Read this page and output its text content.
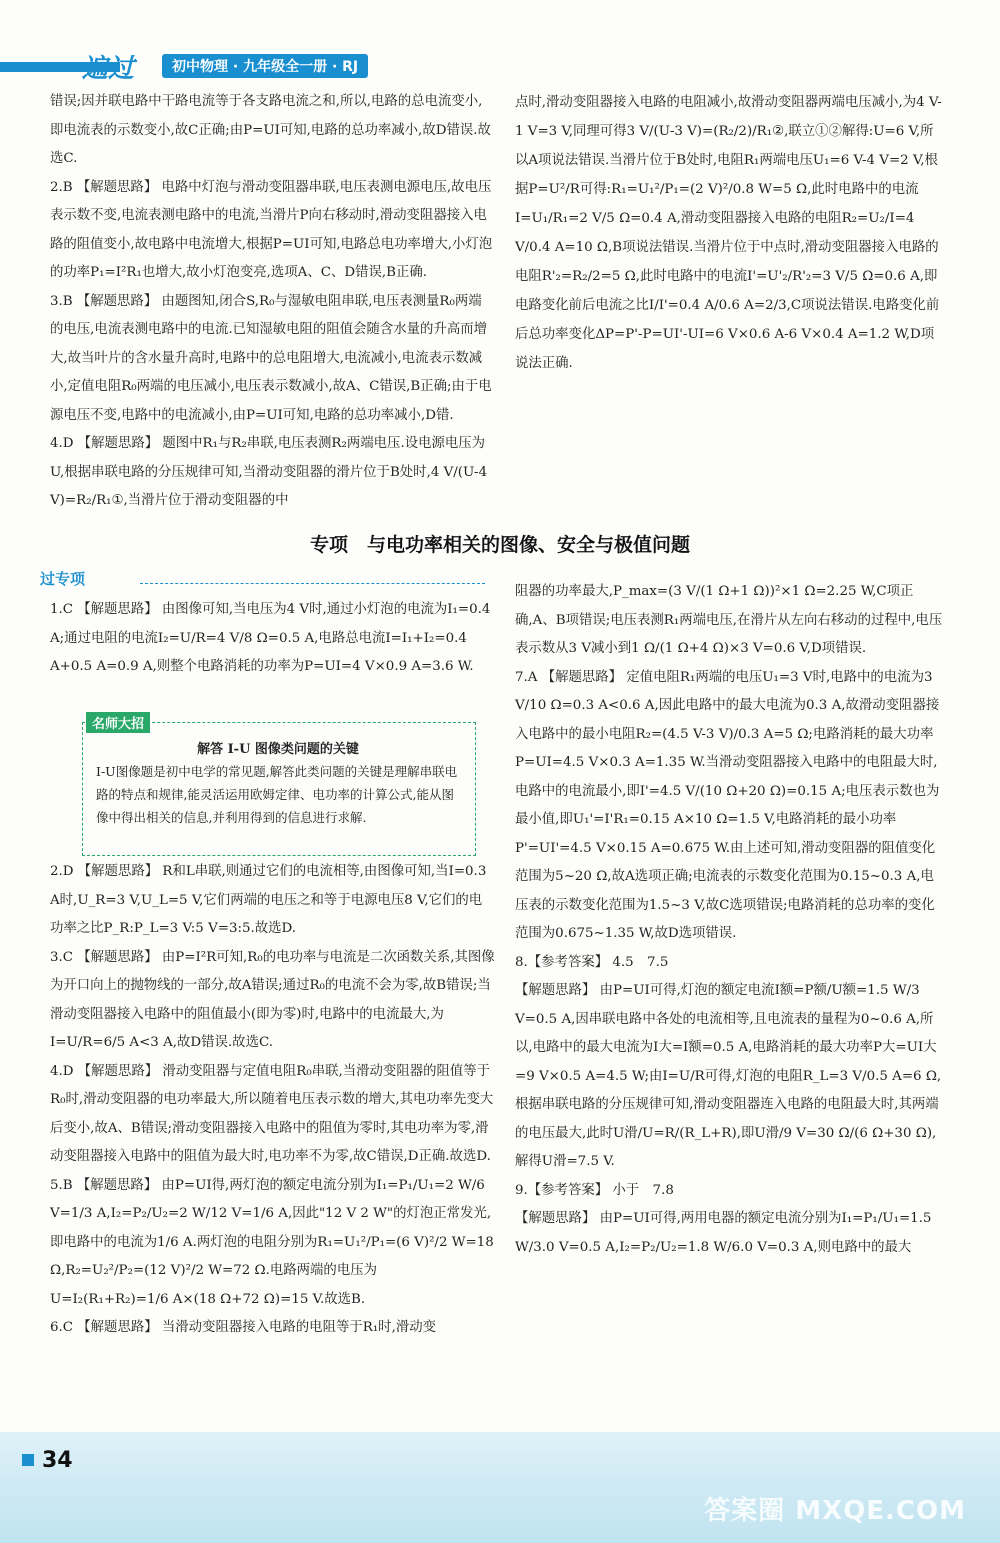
一遍过	初中物理 · 九年级全一册 · RJ

错误;因并联电路中干路电流等于各支路电流之和,所以,电路的总电流变小,即电流表的示数变小,故C正确;由P=UI可知,电路的总功率减小,故D错误.故选C.

2.B 【解题思路】 电路中灯泡与滑动变阻器串联,电压表测电源电压,故电压表示数不变,电流表测电路中的电流,当滑片P向右移动时,滑动变阻器接入电路的阻值变小,故电路中电流增大,根据P=UI可知,电路总电功率增大,小灯泡的功率P₁=I²R₁也增大,故小灯泡变亮,选项A、C、D错误,B正确.

3.B 【解题思路】 由题图知,闭合S,R₀与湿敏电阻串联,电压表测量R₀两端的电压,电流表测电路中的电流.已知湿敏电阻的阻值会随含水量的升高而增大,故当叶片的含水量升高时,电路中的总电阻增大,电流减小,电流表示数减小,定值电阻R₀两端的电压减小,电压表示数减小,故A、C错误,B正确;由于电源电压不变,电路中的电流减小,由P=UI可知,电路的总功率减小,D错.

4.D 【解题思路】 题图中R₁与R₂串联,电压表测R₂两端电压.设电源电压为U,根据串联电路的分压规律可知,当滑动变阻器的滑片位于B处时,4 V/(U-4 V)=R₂/R₁①,当滑片位于滑动变阻器的中

点时,滑动变阻器接入电路的电阻减小,故滑动变阻器两端电压减小,为4 V-1 V=3 V,同理可得3 V/(U-3 V)=(R₂/2)/R₁②,联立①②解得:U=6 V,所以A项说法错误.当滑片位于B处时,电阻R₁两端电压U₁=6 V-4 V=2 V,根据P=U²/R可得:R₁=U₁²/P₁=(2 V)²/0.8 W=5 Ω,此时电路中的电流I=U₁/R₁=2 V/5 Ω=0.4 A,滑动变阻器接入电路的电阻R₂=U₂/I=4 V/0.4 A=10 Ω,B项说法错误.当滑片位于中点时,滑动变阻器接入电路的电阻R'₂=R₂/2=5 Ω,此时电路中的电流I'=U'₂/R'₂=3 V/5 Ω=0.6 A,即电路变化前后电流之比I/I'=0.4 A/0.6 A=2/3,C项说法错误.电路变化前后总功率变化ΔP=P'-P=UI'-UI=6 V×0.6 A-6 V×0.4 A=1.2 W,D项说法正确.

专项　与电功率相关的图像、安全与极值问题
过专项

1.C 【解题思路】 由图像可知,当电压为4 V时,通过小灯泡的电流为I₁=0.4 A;通过电阻的电流I₂=U/R=4 V/8 Ω=0.5 A,电路总电流I=I₁+I₂=0.4 A+0.5 A=0.9 A,则整个电路消耗的功率为P=UI=4 V×0.9 A=3.6 W.

名师大招
解答 I-U 图像类问题的关键
I-U图像题是初中电学的常见题,解答此类问题的关键是理解串联电路的特点和规律,能灵活运用欧姆定律、电功率的计算公式,能从图像中得出相关的信息,并利用得到的信息进行求解.

2.D 【解题思路】 R和L串联,则通过它们的电流相等,由图像可知,当I=0.3 A时,U_R=3 V,U_L=5 V,它们两端的电压之和等于电源电压8 V,它们的电功率之比P_R:P_L=3 V:5 V=3:5.故选D.

3.C 【解题思路】 由P=I²R可知,R₀的电功率与电流是二次函数关系,其图像为开口向上的抛物线的一部分,故A错误;通过R₀的电流不会为零,故B错误;当滑动变阻器接入电路中的阻值最小(即为零)时,电路中的电流最大,为I=U/R=6/5 A<3 A,故D错误.故选C.

4.D 【解题思路】 滑动变阻器与定值电阻R₀串联,当滑动变阻器的阻值等于R₀时,滑动变阻器的电功率最大,所以随着电压表示数的增大,其电功率先变大后变小,故A、B错误;滑动变阻器接入电路中的阻值为零时,其电功率为零,滑动变阻器接入电路中的阻值为最大时,电功率不为零,故C错误,D正确.故选D.

5.B 【解题思路】 由P=UI得,两灯泡的额定电流分别为I₁=P₁/U₁=2 W/6 V=1/3 A,I₂=P₂/U₂=2 W/12 V=1/6 A,因此"12 V 2 W"的灯泡正常发光,即电路中的电流为1/6 A.两灯泡的电阻分别为R₁=U₁²/P₁=(6 V)²/2 W=18 Ω,R₂=U₂²/P₂=(12 V)²/2 W=72 Ω.电路两端的电压为U=I₂(R₁+R₂)=1/6 A×(18 Ω+72 Ω)=15 V.故选B.

6.C 【解题思路】 当滑动变阻器接入电路的电阻等于R₁时,滑动变

阻器的功率最大,P_max=(3 V/(1 Ω+1 Ω))²×1 Ω=2.25 W,C项正确,A、B项错误;电压表测R₁两端电压,在滑片从左向右移动的过程中,电压表示数从3 V减小到1 Ω/(1 Ω+4 Ω)×3 V=0.6 V,D项错误.

7.A 【解题思路】 定值电阻R₁两端的电压U₁=3 V时,电路中的电流为3 V/10 Ω=0.3 A<0.6 A,因此电路中的最大电流为0.3 A,故滑动变阻器接入电路中的最小电阻R₂=(4.5 V-3 V)/0.3 A=5 Ω;电路消耗的最大功率P=UI=4.5 V×0.3 A=1.35 W.当滑动变阻器接入电路中的电阻最大时,电路中的电流最小,即I'=4.5 V/(10 Ω+20 Ω)=0.15 A;电压表示数也为最小值,即U₁'=I'R₁=0.15 A×10 Ω=1.5 V,电路消耗的最小功率P'=UI'=4.5 V×0.15 A=0.675 W.由上述可知,滑动变阻器的阻值变化范围为5~20 Ω,故A选项正确;电流表的示数变化范围为0.15~0.3 A,电压表的示数变化范围为1.5~3 V,故C选项错误;电路消耗的总功率的变化范围为0.675~1.35 W,故D选项错误.

8.【参考答案】 4.5　7.5

【解题思路】 由P=UI可得,灯泡的额定电流I额=P额/U额=1.5 W/3 V=0.5 A,因串联电路中各处的电流相等,且电流表的量程为0~0.6 A,所以,电路中的最大电流为I大=I额=0.5 A,电路消耗的最大功率P大=UI大=9 V×0.5 A=4.5 W;由I=U/R可得,灯泡的电阻R_L=3 V/0.5 A=6 Ω,根据串联电路的分压规律可知,滑动变阻器连入电路的电阻最大时,其两端的电压最大,此时U滑/U=R/(R_L+R),即U滑/9 V=30 Ω/(6 Ω+30 Ω),解得U滑=7.5 V.

9.【参考答案】 小于　7.8

【解题思路】 由P=UI可得,两用电器的额定电流分别为I₁=P₁/U₁=1.5 W/3.0 V=0.5 A,I₂=P₂/U₂=1.8 W/6.0 V=0.3 A,则电路中的最大

34
答案圈 MXQE.COM
